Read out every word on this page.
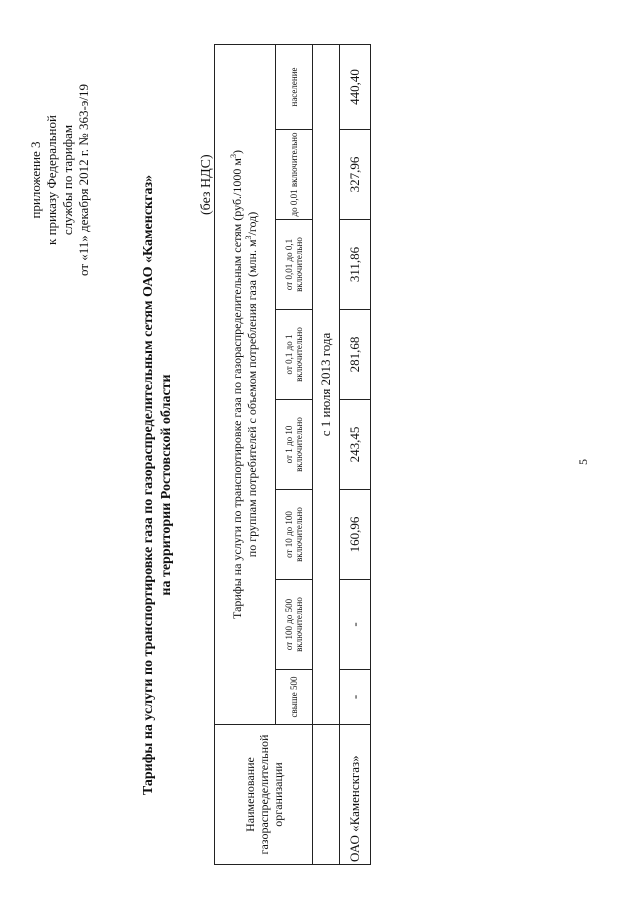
приложение 3 к приказу Федеральной службы по тарифам от «11» декабря 2012 г. № 363-э/19	Тарифы на услуги по транспортировке газа по газораспределительным сетям ОАО «Каменскгаз» на территории Ростовской области
(без НДС)
Наименование газораспределительной организации	Тарифы на услуги по транспортировке газа по газораспределительным сетям (руб./1000 $м^3$)
по группам потребителей с объемом потребления газа (млн. $м^3/год$)							
	свыше 500	от 100 до 500 включительно	от 10 до 100 включительно	от 1 до 10 включительно	от 0,1 до 1 включительно	от 0,01 до 0,1 включительно	до 0,01 включительно	население
	с 1 июля 2013 года							
ОАО «Каменскгаз»	-	-	160,96	243,45	281,68	311,86	327,96	440,40
5
